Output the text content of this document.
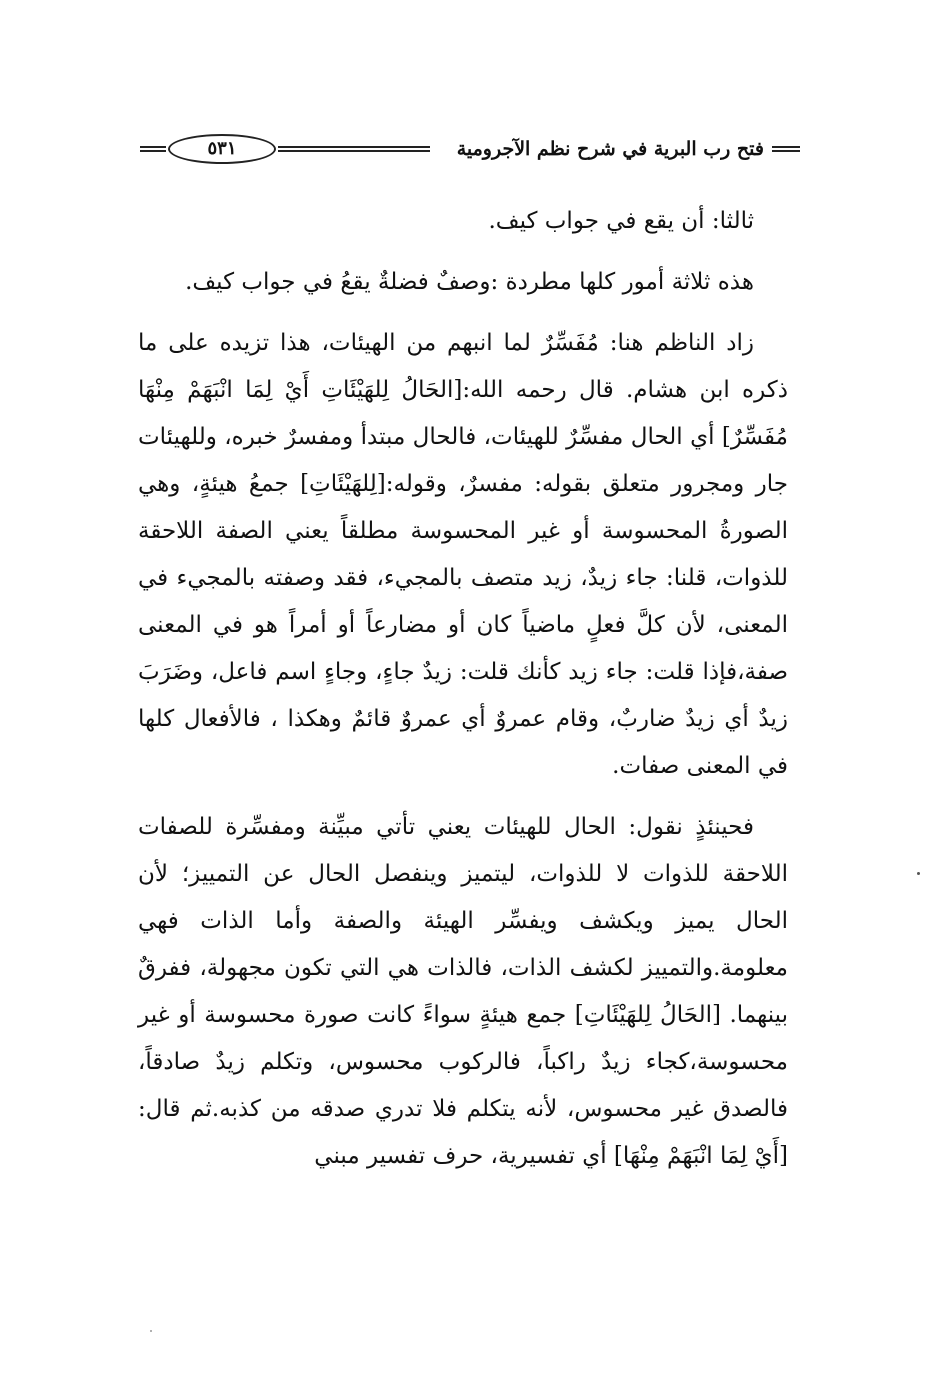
فتح رب البرية في شرح نظم الآجرومية
٥٣١

ثالثا: أن يقع في جواب كيف.

هذه ثلاثة أمور كلها مطردة :وصفٌ فضلةٌ يقعُ في جواب كيف.

زاد الناظم هنا: مُفَسِّرٌ لما انبهم من الهيئات، هذا تزيده على ما ذكره ابن هشام. قال رحمه الله:[الحَالُ لِلهَيْئَاتِ أَيْ لِمَا انْبَهَمْ مِنْهَا مُفَسِّرٌ] أي الحال مفسِّرٌ للهيئات، فالحال مبتدأ ومفسرٌ خبره، وللهيئات جار ومجرور متعلق بقوله: مفسرٌ، وقوله:[لِلهَيْئَاتِ] جمعُ هيئةٍ، وهي الصورةُ المحسوسة أو غير المحسوسة مطلقاً يعني الصفة اللاحقة للذوات، قلنا: جاء زيدٌ، زيد متصف بالمجيء، فقد وصفته بالمجيء في المعنى، لأن كلَّ فعلٍ ماضياً كان أو مضارعاً أو أمراً هو في المعنى صفة،فإذا قلت: جاء زيد كأنك قلت: زيدٌ جاءٍ، وجاءٍ اسم فاعل، وضَرَبَ زيدٌ أي زيدٌ ضاربٌ، وقام عمروٌ أي عمروٌ قائمٌ وهكذا ، فالأفعال كلها في المعنى صفات.

فحينئذٍ نقول: الحال للهيئات يعني تأتي مبيِّنة ومفسِّرة للصفات اللاحقة للذوات لا للذوات، ليتميز وينفصل الحال عن التمييز؛ لأن الحال يميز ويكشف ويفسِّر الهيئة والصفة وأما الذات فهي معلومة.والتمييز لكشف الذات، فالذات هي التي تكون مجهولة، ففرقٌ بينهما. [الحَالُ لِلهَيْئَاتِ] جمع هيئةٍ سواءً كانت صورة محسوسة أو غير محسوسة،كجاء زيدٌ راكباً، فالركوب محسوس، وتكلم زيدٌ صادقاً، فالصدق غير محسوس، لأنه يتكلم فلا تدري صدقه من كذبه.ثم قال:[أَيْ لِمَا انْبَهَمْ مِنْهَا] أي تفسيرية، حرف تفسير مبني
